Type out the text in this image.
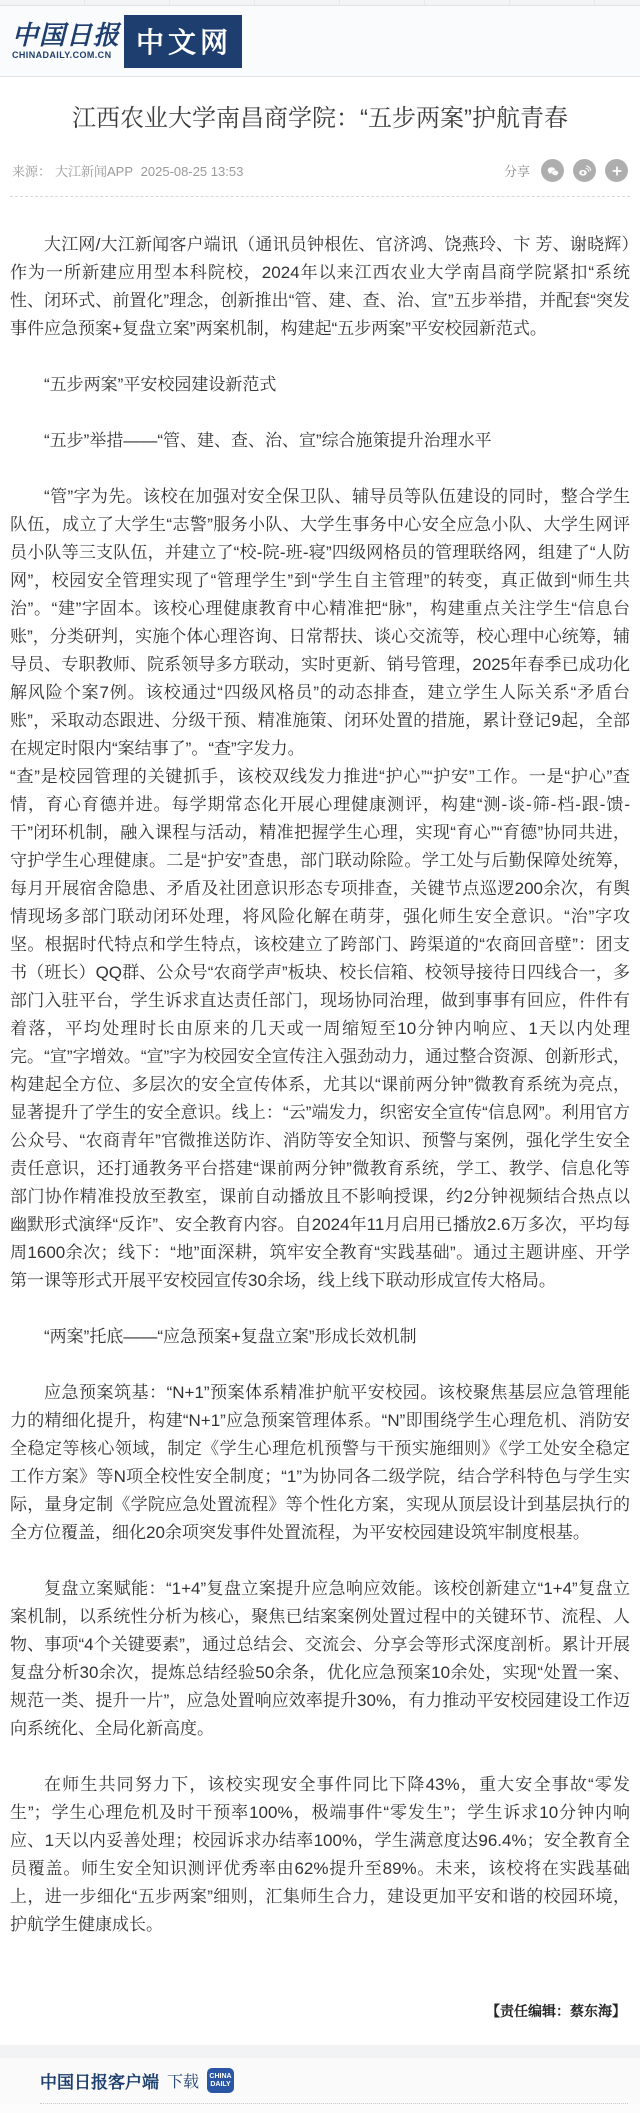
中国日报
CHINADAILY.COM.CN 中文网
江西农业大学南昌商学院：“五步两案”护航青春
来源： 大江新闻APP 2025-08-25 13:53	分享

大江网/大江新闻客户端讯（通讯员钟根佐、官济鸿、饶燕玲、卞 芳、谢晓辉）作为一所新建应用型本科院校，2024年以来江西农业大学南昌商学院紧扣“系统性、闭环式、前置化”理念，创新推出“管、建、查、治、宣”五步举措，并配套“突发事件应急预案+复盘立案”两案机制，构建起“五步两案”平安校园新范式。

“五步两案”平安校园建设新范式

“五步”举措——“管、建、查、治、宣”综合施策提升治理水平

“管”字为先。该校在加强对安全保卫队、辅导员等队伍建设的同时，整合学生队伍，成立了大学生“志警”服务小队、大学生事务中心安全应急小队、大学生网评员小队等三支队伍，并建立了“校-院-班-寝”四级网格员的管理联络网，组建了“人防网”，校园安全管理实现了“管理学生”到“学生自主管理”的转变，真正做到“师生共治”。“建”字固本。该校心理健康教育中心精准把“脉”，构建重点关注学生“信息台账”，分类研判，实施个体心理咨询、日常帮扶、谈心交流等，校心理中心统筹，辅导员、专职教师、院系领导多方联动，实时更新、销号管理，2025年春季已成功化解风险个案7例。该校通过“四级风格员”的动态排查，建立学生人际关系“矛盾台账”，采取动态跟进、分级干预、精准施策、闭环处置的措施，累计登记9起，全部在规定时限内“案结事了”。“查”字发力。

“查”是校园管理的关键抓手，该校双线发力推进“护心”“护安”工作。一是“护心”查情，育心育德并进。每学期常态化开展心理健康测评，构建“测-谈-筛-档-跟-馈-干”闭环机制，融入课程与活动，精准把握学生心理，实现“育心”“育德”协同共进，守护学生心理健康。二是“护安”查患，部门联动除险。学工处与后勤保障处统筹，每月开展宿舍隐患、矛盾及社团意识形态专项排查，关键节点巡逻200余次，有舆情现场多部门联动闭环处理，将风险化解在萌芽，强化师生安全意识。“治”字攻坚。根据时代特点和学生特点，该校建立了跨部门、跨渠道的“农商回音壁”：团支书（班长）QQ群、公众号“农商学声”板块、校长信箱、校领导接待日四线合一，多部门入驻平台，学生诉求直达责任部门，现场协同治理，做到事事有回应，件件有着落，平均处理时长由原来的几天或一周缩短至10分钟内响应、1天以内处理完。“宣”字增效。“宣”字为校园安全宣传注入强劲动力，通过整合资源、创新形式，构建起全方位、多层次的安全宣传体系，尤其以“课前两分钟”微教育系统为亮点，显著提升了学生的安全意识。线上：“云”端发力，织密安全宣传“信息网”。利用官方公众号、“农商青年”官微推送防诈、消防等安全知识、预警与案例，强化学生安全责任意识，还打通教务平台搭建“课前两分钟”微教育系统，学工、教学、信息化等部门协作精准投放至教室，课前自动播放且不影响授课，约2分钟视频结合热点以幽默形式演绎“反诈”、安全教育内容。自2024年11月启用已播放2.6万多次，平均每周1600余次；线下：“地”面深耕，筑牢安全教育“实践基础”。通过主题讲座、开学第一课等形式开展平安校园宣传30余场，线上线下联动形成宣传大格局。

“两案”托底——“应急预案+复盘立案”形成长效机制

应急预案筑基：“N+1”预案体系精准护航平安校园。该校聚焦基层应急管理能力的精细化提升，构建“N+1”应急预案管理体系。“N”即围绕学生心理危机、消防安全稳定等核心领域，制定《学生心理危机预警与干预实施细则》《学工处安全稳定工作方案》等N项全校性安全制度；“1”为协同各二级学院，结合学科特色与学生实际，量身定制《学院应急处置流程》等个性化方案，实现从顶层设计到基层执行的全方位覆盖，细化20余项突发事件处置流程，为平安校园建设筑牢制度根基。

复盘立案赋能：“1+4”复盘立案提升应急响应效能。该校创新建立“1+4”复盘立案机制，以系统性分析为核心，聚焦已结案案例处置过程中的关键环节、流程、人物、事项“4个关键要素”，通过总结会、交流会、分享会等形式深度剖析。累计开展复盘分析30余次，提炼总结经验50余条，优化应急预案10余处，实现“处置一案、规范一类、提升一片”，应急处置响应效率提升30%，有力推动平安校园建设工作迈向系统化、全局化新高度。

在师生共同努力下，该校实现安全事件同比下降43%，重大安全事故“零发生”；学生心理危机及时干预率100%，极端事件“零发生”；学生诉求10分钟内响应、1天以内妥善处理；校园诉求办结率100%，学生满意度达96.4%；安全教育全员覆盖。师生安全知识测评优秀率由62%提升至89%。未来，该校将在实践基础上，进一步细化“五步两案”细则，汇集师生合力，建设更加平安和谐的校园环境，护航学生健康成长。

【责任编辑：蔡东海】
中国日报客户端 下载 CHINA
DAILY
